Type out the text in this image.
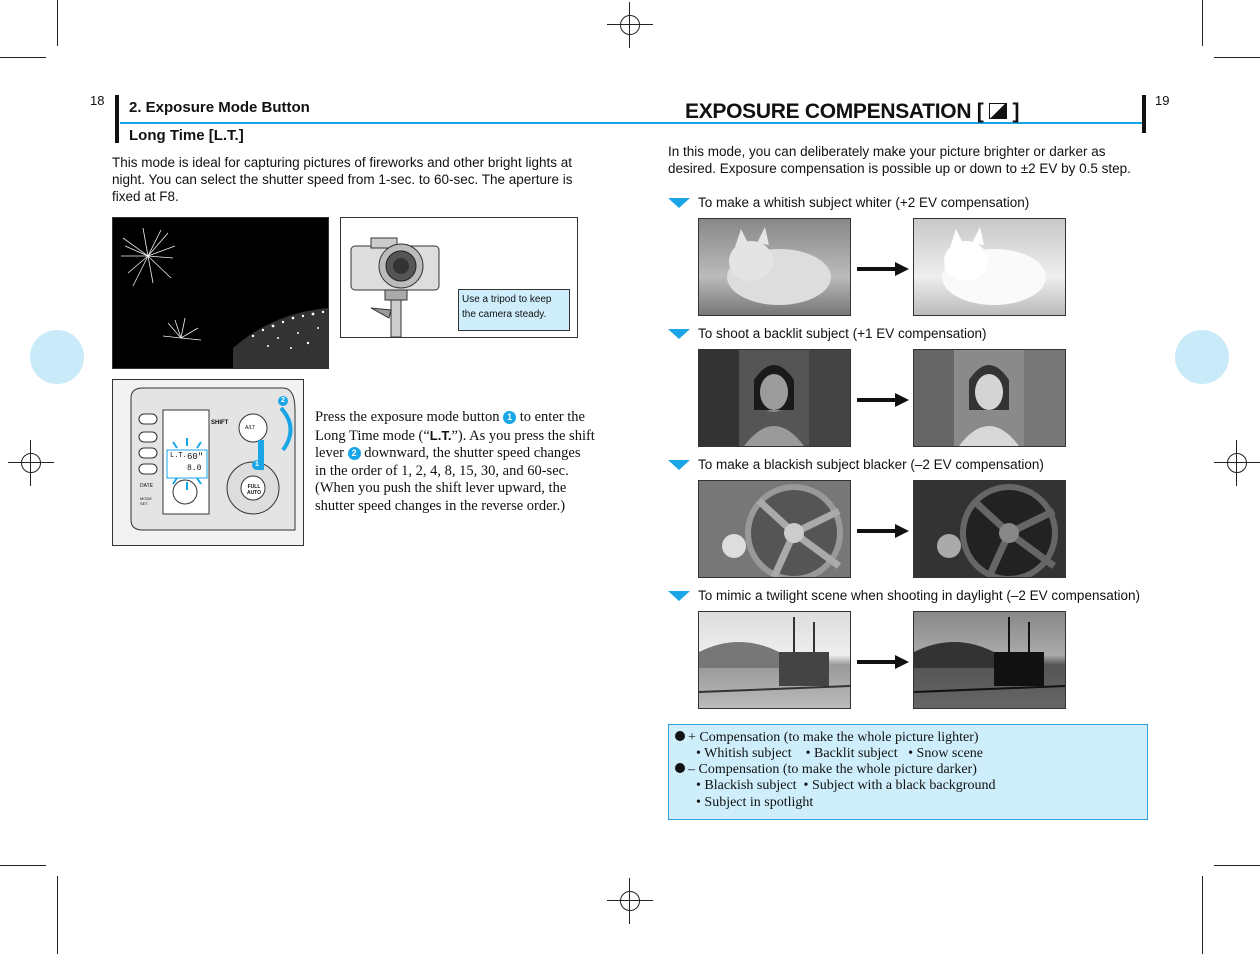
18 2. Exposure Mode Button
Long Time [L.T.]
This mode is ideal for capturing pictures of fireworks and other bright lights at night. You can select the shutter speed from 1-sec. to 60-sec. The aperture is fixed at F8.
Use a tripod to keep the camera steady.
SHIFT
A/LT
FULL AUTO
L.T. 60"
8.0
DATE
MODE SET
2
1
Press the exposure mode button 1 to enter the Long Time mode (“L.T.”). As you press the shift lever 2 downward, the shutter speed changes in the order of 1, 2, 4, 8, 15, 30, and 60-sec.
(When you push the shift lever upward, the shutter speed changes in the reverse order.)
19
EXPOSURE COMPENSATION [ ]
In this mode, you can deliberately make your picture brighter or darker as desired. Exposure compensation is possible up or down to ±2 EV by 0.5 step.
To make a whitish subject whiter (+2 EV compensation)
To shoot a backlit subject (+1 EV compensation)
To make a blackish subject blacker (–2 EV compensation)
To mimic a twilight scene when shooting in daylight (–2 EV compensation)
+ Compensation (to make the whole picture lighter)
• Whitish subject    • Backlit subject   • Snow scene
– Compensation (to make the whole picture darker)
• Blackish subject  • Subject with a black background
• Subject in spotlight
